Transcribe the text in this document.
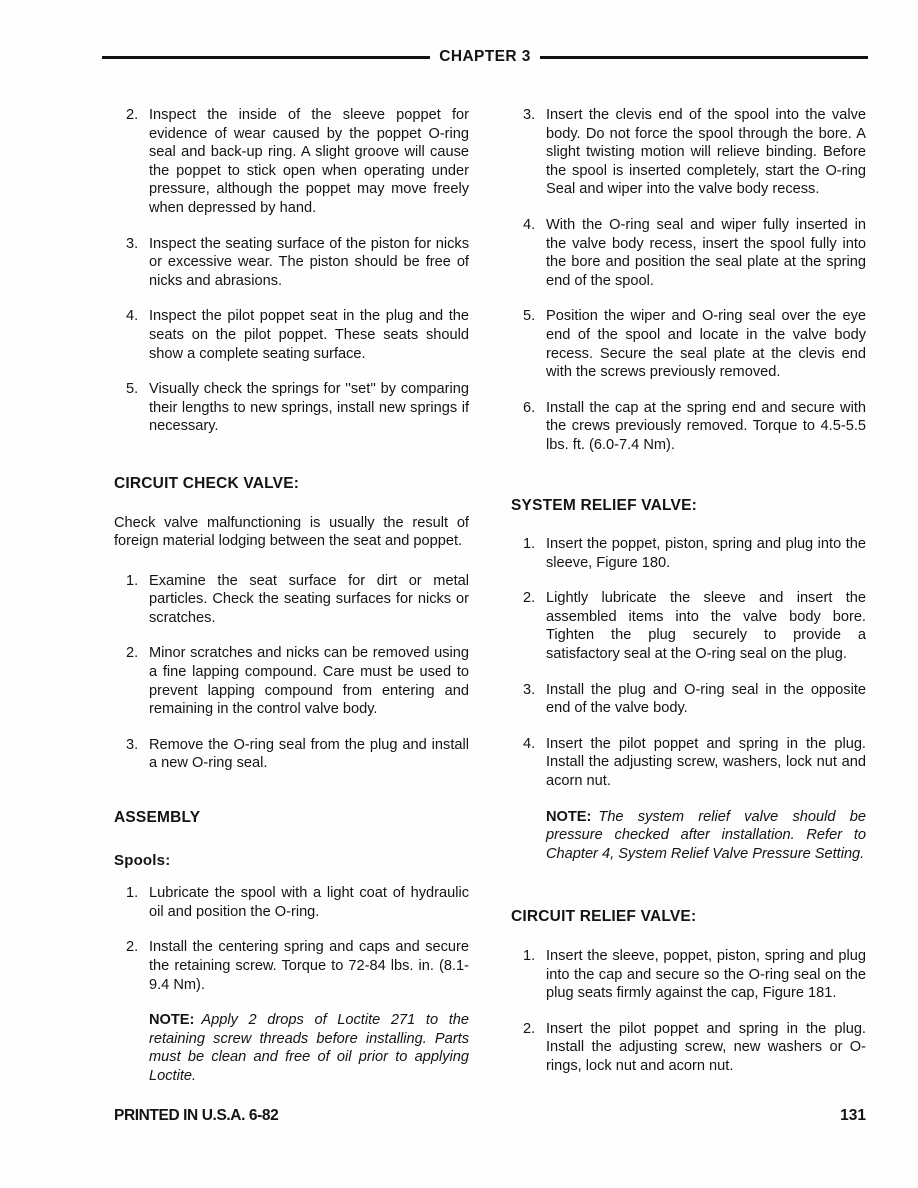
CHAPTER 3
2. Inspect the inside of the sleeve poppet for evidence of wear caused by the poppet O-ring seal and back-up ring. A slight groove will cause the poppet to stick open when operating under pressure, although the poppet may move freely when depressed by hand.
3. Inspect the seating surface of the piston for nicks or excessive wear. The piston should be free of nicks and abrasions.
4. Inspect the pilot poppet seat in the plug and the seats on the pilot poppet. These seats should show a complete seating surface.
5. Visually check the springs for ''set'' by comparing their lengths to new springs, install new springs if necessary.
CIRCUIT CHECK VALVE:

Check valve malfunctioning is usually the result of foreign material lodging between the seat and poppet.

1. Examine the seat surface for dirt or metal particles. Check the seating surfaces for nicks or scratches.
2. Minor scratches and nicks can be removed using a fine lapping compound. Care must be used to prevent lapping compound from entering and remaining in the control valve body.
3. Remove the O-ring seal from the plug and install a new O-ring seal.
ASSEMBLY
Spools:
1. Lubricate the spool with a light coat of hydraulic oil and position the O-ring.
2. Install the centering spring and caps and secure the retaining screw. Torque to 72-84 lbs. in. (8.1-9.4 Nm).
NOTE: Apply 2 drops of Loctite 271 to the retaining screw threads before installing. Parts must be clean and free of oil prior to applying Loctite.
3. Insert the clevis end of the spool into the valve body. Do not force the spool through the bore. A slight twisting motion will relieve binding. Before the spool is inserted completely, start the O-ring Seal and wiper into the valve body recess.
4. With the O-ring seal and wiper fully inserted in the valve body recess, insert the spool fully into the bore and position the seal plate at the spring end of the spool.
5. Position the wiper and O-ring seal over the eye end of the spool and locate in the valve body recess. Secure the seal plate at the clevis end with the screws previously removed.
6. Install the cap at the spring end and secure with the crews previously removed. Torque to 4.5-5.5 lbs. ft. (6.0-7.4 Nm).
SYSTEM RELIEF VALVE:
1. Insert the poppet, piston, spring and plug into the sleeve, Figure 180.
2. Lightly lubricate the sleeve and insert the assembled items into the valve body bore. Tighten the plug securely to provide a satisfactory seal at the O-ring seal on the plug.
3. Install the plug and O-ring seal in the opposite end of the valve body.
4. Insert the pilot poppet and spring in the plug. Install the adjusting screw, washers, lock nut and acorn nut.
NOTE: The system relief valve should be pressure checked after installation. Refer to Chapter 4, System Relief Valve Pressure Setting.
CIRCUIT RELIEF VALVE:
1. Insert the sleeve, poppet, piston, spring and plug into the cap and secure so the O-ring seal on the plug seats firmly against the cap, Figure 181.
2. Insert the pilot poppet and spring in the plug. Install the adjusting screw, new washers or O-rings, lock nut and acorn nut.
PRINTED IN U.S.A. 6-82	131
